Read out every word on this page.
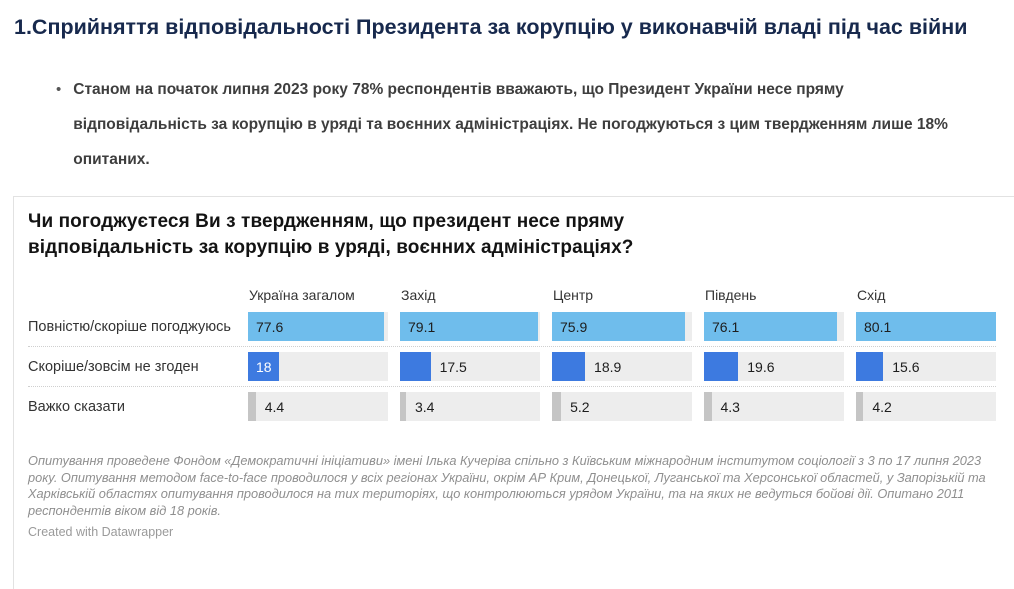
1.Сприйняття відповідальності Президента за корупцію у виконавчій владі під час війни
• Станом на початок липня 2023 року 78% респондентів вважають, що Президент України несе пряму відповідальність за корупцію в уряді та воєнних адміністраціях. Не погоджуються з цим твердженням лише 18% опитаних.

Чи погоджуєтеся Ви з твердженням, що президент несе пряму відповідальність за корупцію в уряді, воєнних адміністраціях?
Україна загалом	Захід	Центр	Південь	Схід
Повністю/скоріше погоджуюсь	77.6	79.1	75.9	76.1	80.1
Скоріше/зовсім не згоден	18	17.5	18.9	19.6	15.6
Важко сказати	4.4	3.4	5.2	4.3	4.2

Опитування проведене Фондом «Демократичні ініціативи» імені Ілька Кучеріва спільно з Київським міжнародним інститутом соціології з 3 по 17 липня 2023 року. Опитування методом face-to-face проводилося у всіх регіонах України, окрім АР Крим, Донецької, Луганської та Херсонської областей, у Запорізькій та Харківській областях опитування проводилося на тих територіях, що контролюються урядом України, та на яких не ведуться бойові дії. Опитано 2011 респондентів віком від 18 років.

Created with Datawrapper
